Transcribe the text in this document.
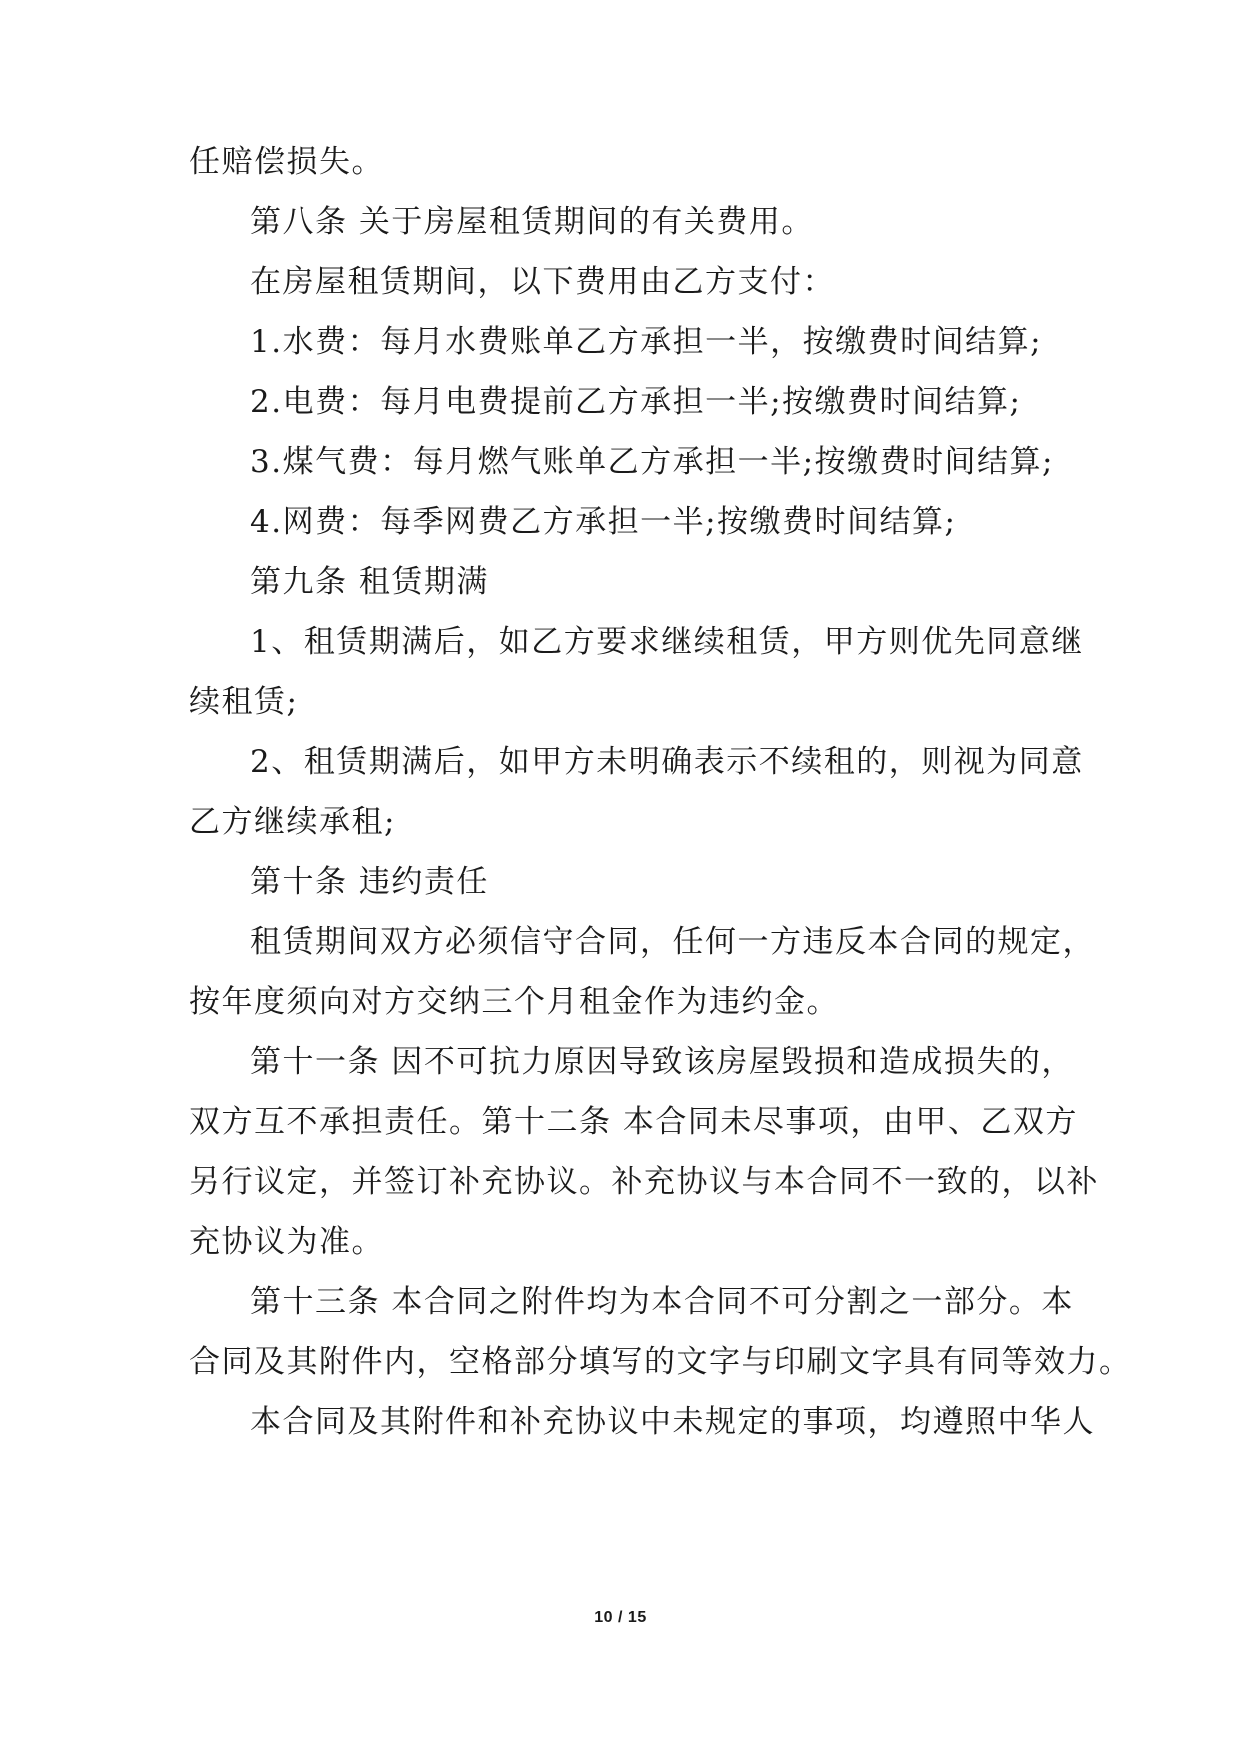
任赔偿损失。
第八条 关于房屋租赁期间的有关费用。
在房屋租赁期间，以下费用由乙方支付：
1.水费：每月水费账单乙方承担一半，按缴费时间结算;
2.电费：每月电费提前乙方承担一半;按缴费时间结算;
3.煤气费：每月燃气账单乙方承担一半;按缴费时间结算;
4.网费：每季网费乙方承担一半;按缴费时间结算;
第九条 租赁期满
1、租赁期满后，如乙方要求继续租赁，甲方则优先同意继
续租赁;
2、租赁期满后，如甲方未明确表示不续租的，则视为同意
乙方继续承租;
第十条 违约责任
租赁期间双方必须信守合同，任何一方违反本合同的规定，
按年度须向对方交纳三个月租金作为违约金。
第十一条 因不可抗力原因导致该房屋毁损和造成损失的，
双方互不承担责任。第十二条 本合同未尽事项，由甲、乙双方
另行议定，并签订补充协议。补充协议与本合同不一致的，以补
充协议为准。
第十三条 本合同之附件均为本合同不可分割之一部分。本
合同及其附件内，空格部分填写的文字与印刷文字具有同等效力。
本合同及其附件和补充协议中未规定的事项，均遵照中华人
10 / 15
